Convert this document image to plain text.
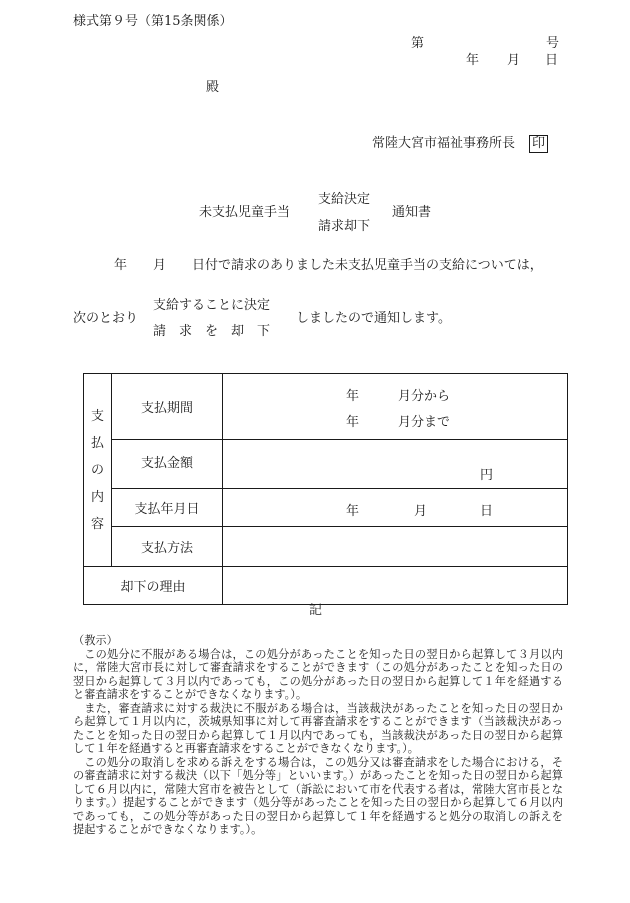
様式第９号（第15条関係）
第	号
年 月 日
殿
常陸大宮市福祉事務所長 印
未支払児童手当
支給決定
請求却下
通知書
年 月 日付で請求のありました未支払児童手当の支給については，
次のとおり
支給することに決定
請　求　を　却　下
しましたので通知します。
支
払
の
内
容	支払期間	年 月分から
年 月分まで

	支払金額	円

	支払年月日	年 月 日

	支払方法	
却下の理由		
記

（教示）

この処分に不服がある場合は，この処分があったことを知った日の翌日から起算して３月以内に，常陸大宮市長に対して審査請求をすることができます（この処分があったことを知った日の翌日から起算して３月以内であっても，この処分があった日の翌日から起算して１年を経過すると審査請求をすることができなくなります。）。

また，審査請求に対する裁決に不服がある場合は，当該裁決があったことを知った日の翌日から起算して１月以内に，茨城県知事に対して再審査請求をすることができます（当該裁決があったことを知った日の翌日から起算して１月以内であっても，当該裁決があった日の翌日から起算して１年を経過すると再審査請求をすることができなくなります。）。

この処分の取消しを求める訴えをする場合は，この処分又は審査請求をした場合における，その審査請求に対する裁決（以下「処分等」といいます。）があったことを知った日の翌日から起算して６月以内に，常陸大宮市を被告として（訴訟において市を代表する者は，常陸大宮市長となります。）提起することができます（処分等があったことを知った日の翌日から起算して６月以内であっても，この処分等があった日の翌日から起算して１年を経過すると処分の取消しの訴えを提起することができなくなります。）。
